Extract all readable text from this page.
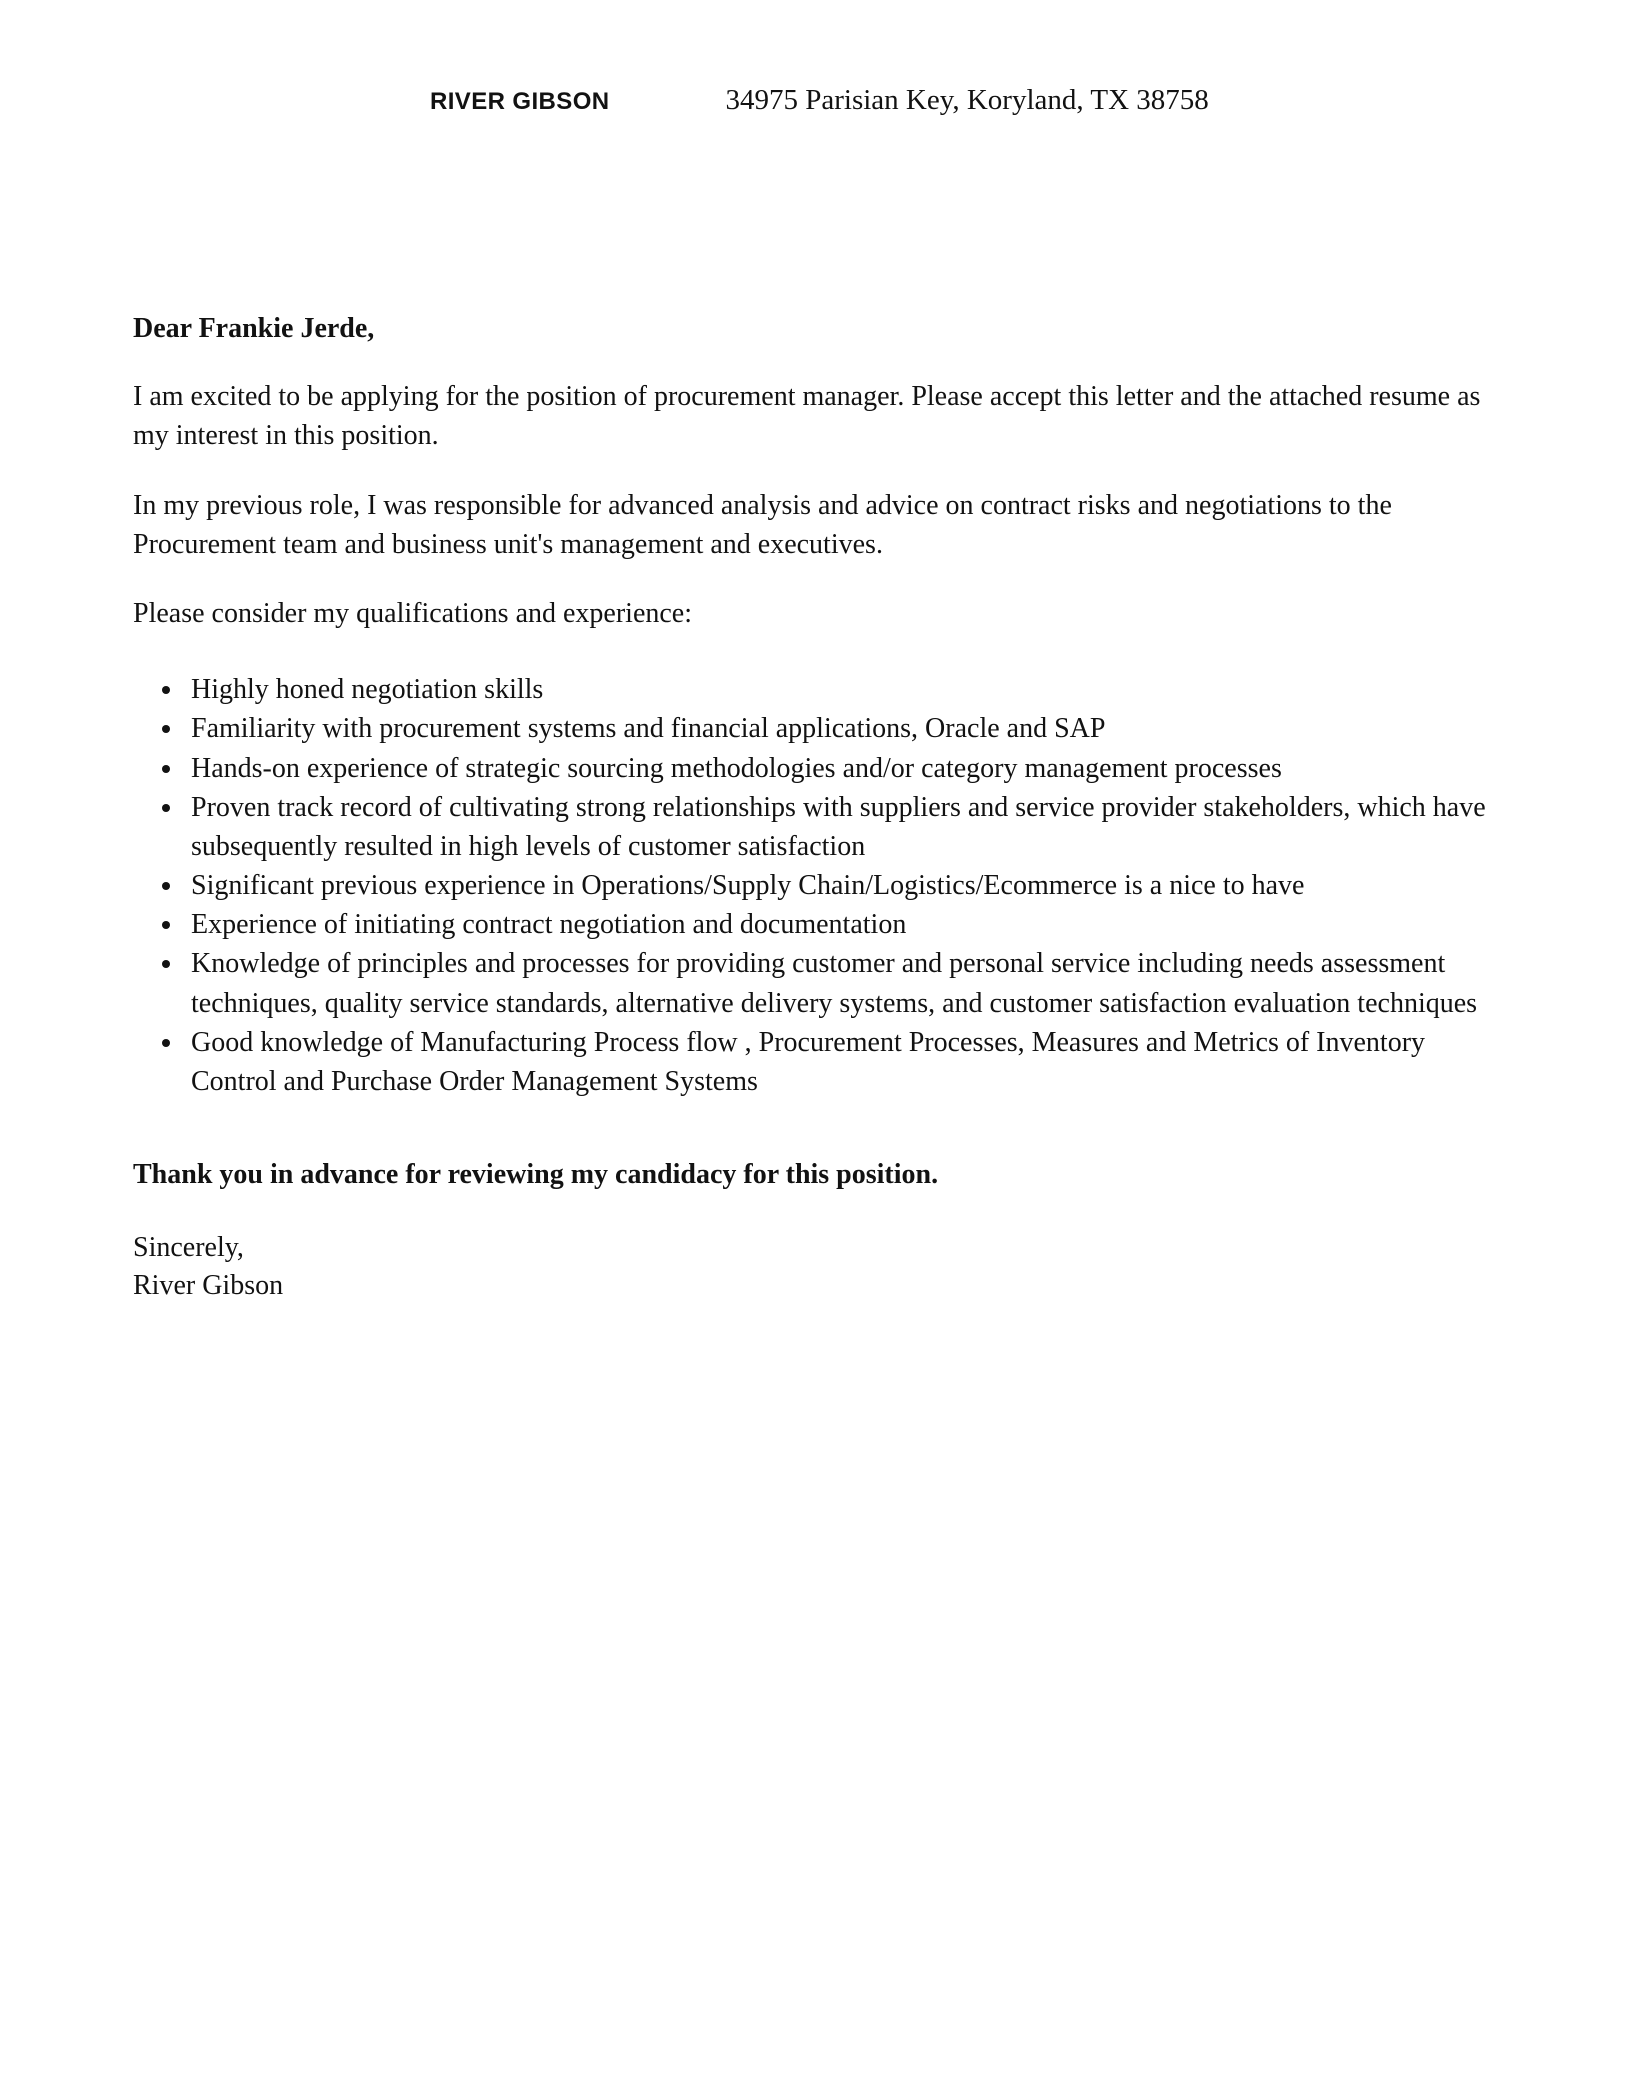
RIVER GIBSON	34975 Parisian Key, Koryland, TX 38758
Dear Frankie Jerde,

I am excited to be applying for the position of procurement manager. Please accept this letter and the attached resume as my interest in this position.

In my previous role, I was responsible for advanced analysis and advice on contract risks and negotiations to the Procurement team and business unit's management and executives.

Please consider my qualifications and experience:

• Highly honed negotiation skills
• Familiarity with procurement systems and financial applications, Oracle and SAP
• Hands-on experience of strategic sourcing methodologies and/or category management processes
• Proven track record of cultivating strong relationships with suppliers and service provider stakeholders, which have subsequently resulted in high levels of customer satisfaction
• Significant previous experience in Operations/Supply Chain/Logistics/Ecommerce is a nice to have
• Experience of initiating contract negotiation and documentation
• Knowledge of principles and processes for providing customer and personal service including needs assessment techniques, quality service standards, alternative delivery systems, and customer satisfaction evaluation techniques
• Good knowledge of Manufacturing Process flow , Procurement Processes, Measures and Metrics of Inventory Control and Purchase Order Management Systems
Thank you in advance for reviewing my candidacy for this position.
Sincerely,
River Gibson
